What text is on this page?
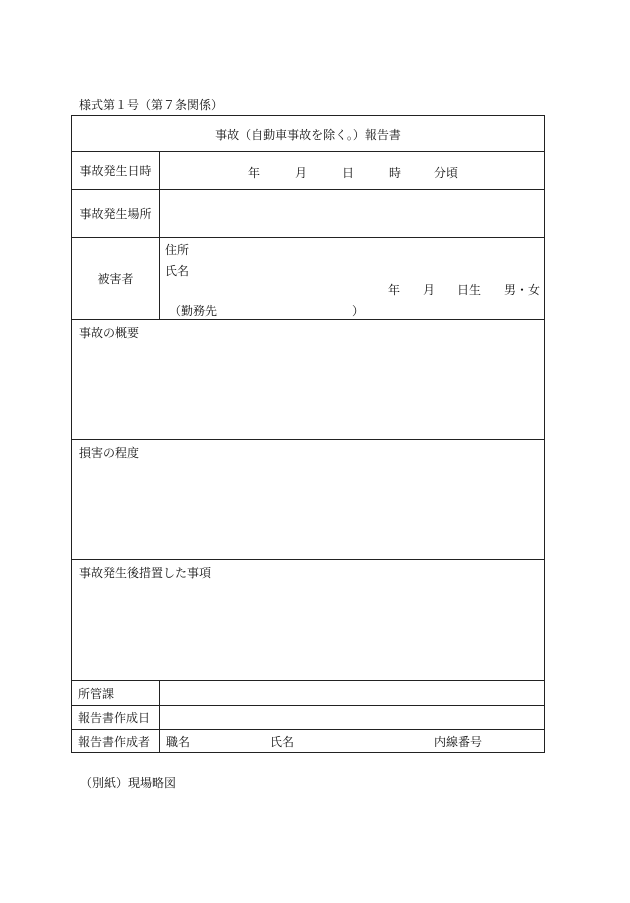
様式第１号（第７条関係）
事故（自動車事故を除く。）報告書
事故発生日時	年	月	日	時	分頃
事故発生場所
被害者
住所
氏名
年 月 日生 男・女
（勤務先	）
事故の概要
損害の程度
事故発生後措置した事項
所管課
報告書作成日
報告書作成者	職名	氏名	内線番号
（別紙）現場略図
